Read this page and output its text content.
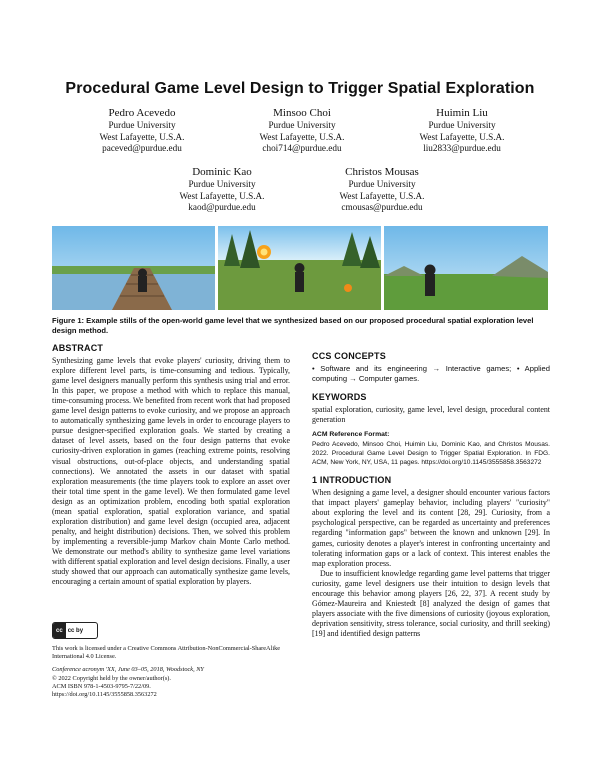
Procedural Game Level Design to Trigger Spatial Exploration
Pedro Acevedo
Purdue University
West Lafayette, U.S.A.
paceved@purdue.edu
Minsoo Choi
Purdue University
West Lafayette, U.S.A.
choi714@purdue.edu
Huimin Liu
Purdue University
West Lafayette, U.S.A.
liu2833@purdue.edu
Dominic Kao
Purdue University
West Lafayette, U.S.A.
kaod@purdue.edu
Christos Mousas
Purdue University
West Lafayette, U.S.A.
cmousas@purdue.edu
Figure 1: Example stills of the open-world game level that we synthesized based on our proposed procedural spatial exploration level design method.
ABSTRACT

Synthesizing game levels that evoke players' curiosity, driving them to explore different level parts, is time-consuming and tedious. Typically, game level designers manually perform this synthesis using trial and error. In this paper, we propose a method with which to replace this manual, time-consuming process. We benefited from recent work that had proposed game level design patterns to evoke curiosity, and we propose an approach to automatically synthesizing game levels in order to encourage players to pursue designer-specified exploration goals. We started by creating a dataset of level assets, based on the four design patterns that evoke curiosity-driven exploration in games (reaching extreme points, resolving visual obstructions, out-of-place objects, and understanding spatial connections). We annotated the assets in our dataset with spatial exploration measurements (the time players took to explore an asset over their total time spent in the game level). We then formulated game level design as an optimization problem, encoding both spatial exploration (mean spatial exploration, spatial exploration variance, and spatial exploration distribution) and game level design (occupied area, adjacent penalty, and height distribution) decisions. Then, we solved this problem by implementing a reversible-jump Markov chain Monte Carlo method. We demonstrate our method's ability to synthesize game level variations with different spatial exploration and level design decisions. Finally, a user study showed that our approach can automatically synthesize game levels, encouraging a certain amount of spatial exploration by players.

CCS CONCEPTS

• Software and its engineering → Interactive games; • Applied computing → Computer games.

KEYWORDS

spatial exploration, curiosity, game level, level design, procedural content generation

ACM Reference Format:

Pedro Acevedo, Minsoo Choi, Huimin Liu, Dominic Kao, and Christos Mousas. 2022. Procedural Game Level Design to Trigger Spatial Exploration. In FDG. ACM, New York, NY, USA, 11 pages. https://doi.org/10.1145/3555858.3563272

1 INTRODUCTION

When designing a game level, a designer should encounter various factors that impact players' gameplay behavior, including players' "curiosity" about exploring the level and its content [28, 29]. Curiosity, from a psychological perspective, can be regarded as uncertainty and preferences regarding "information gaps" between the known and unknown [29]. In games, curiosity denotes a player's interest in confronting uncertainty and tolerating information gaps or a lack of context. This interest enables the map exploration process.

Due to insufficient knowledge regarding game level patterns that trigger curiosity, game level designers use their intuition to design levels that encourage this behavior among players [26, 22, 37]. A recent study by Gómez-Maureira and Kniestedt [8] analyzed the design of games that players associate with the five dimensions of curiosity (joyous exploration, deprivation sensitivity, stress tolerance, social curiosity, and thrill seeking) [19] and identified design patterns

cc cc by
This work is licensed under a Creative Commons Attribution-NonCommercial-ShareAlike International 4.0 License.
Conference acronym 'XX, June 03–05, 2018, Woodstock, NY
© 2022 Copyright held by the owner/author(s).
ACM ISBN 978-1-4503-9795-7/22/09.
https://doi.org/10.1145/3555858.3563272
